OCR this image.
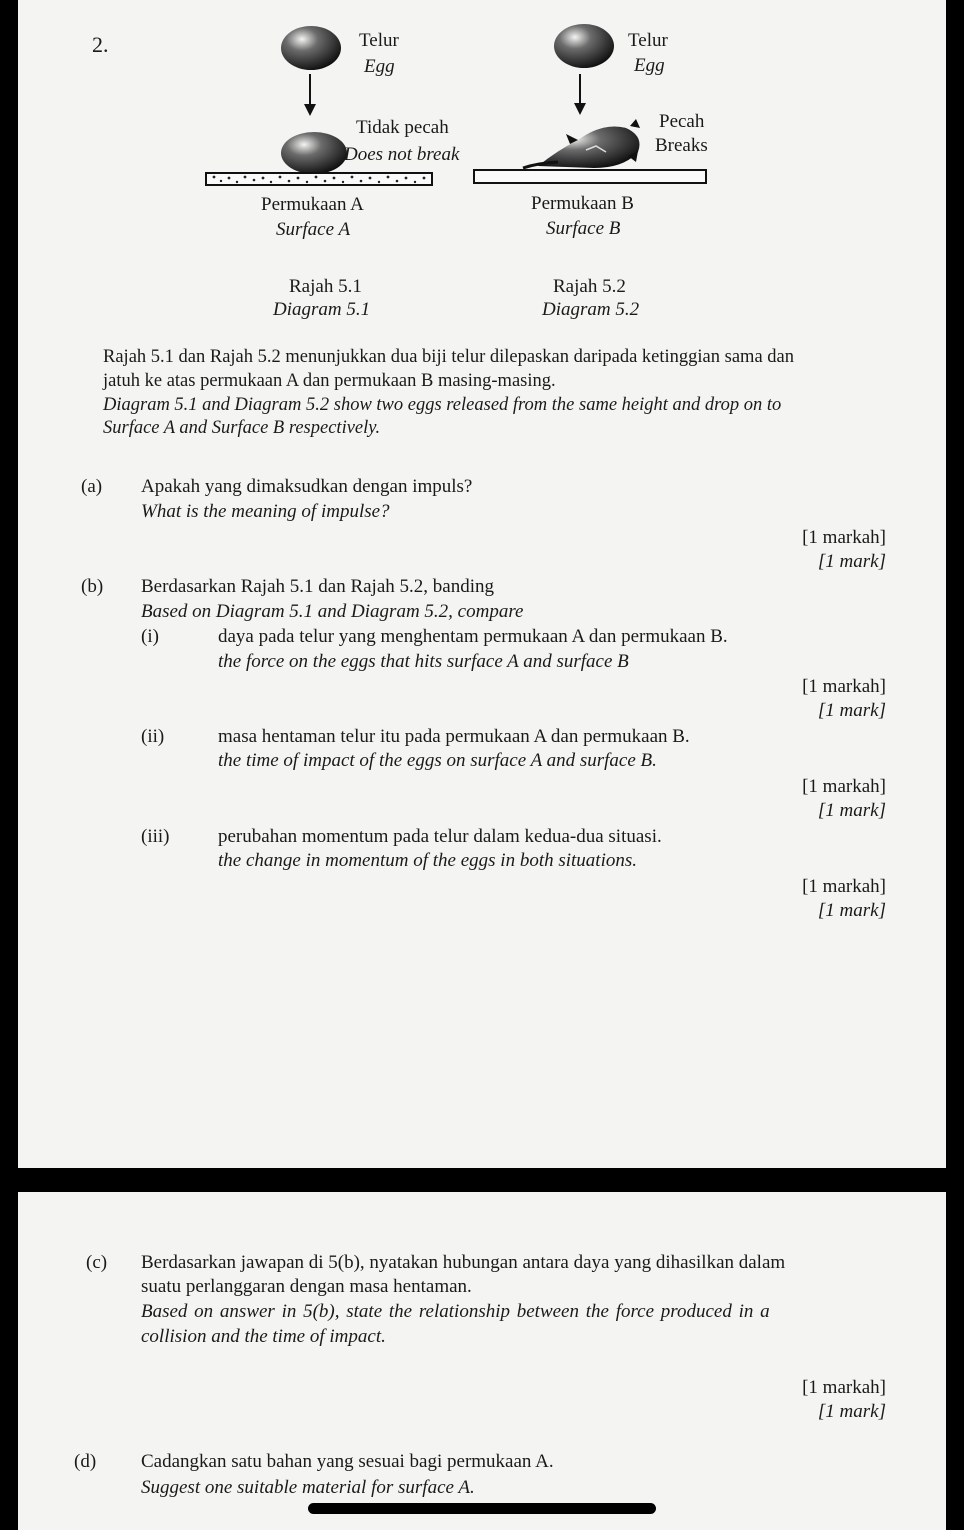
2.	Telur
Egg
Telur
Egg
Tidak pecah
Does not break
Pecah
Breaks
Permukaan A
Surface A
Permukaan B
Surface B
Rajah 5.1
Diagram 5.1
Rajah 5.2
Diagram 5.2
Rajah 5.1 dan Rajah 5.2 menunjukkan dua biji telur dilepaskan daripada ketinggian sama dan
jatuh ke atas permukaan A dan permukaan B masing-masing.
Diagram 5.1 and Diagram 5.2 show two eggs released from the same height and drop on to
Surface A and Surface B respectively.
(a) Apakah yang dimaksudkan dengan impuls?
What is the meaning of impulse?
[1 markah]
[1 mark]
(b) Berdasarkan Rajah 5.1 dan Rajah 5.2, banding
Based on Diagram 5.1 and Diagram 5.2, compare
(i)	daya pada telur yang menghentam permukaan A dan permukaan B.
the force on the eggs that hits surface A and surface B
[1 markah]
[1 mark]
(ii)	masa hentaman telur itu pada permukaan A dan permukaan B.
the time of impact of the eggs on surface A and surface B.
[1 markah]
[1 mark]
(iii)	perubahan momentum pada telur dalam kedua-dua situasi.
the change in momentum of the eggs in both situations.
[1 markah]
[1 mark]
(c) Berdasarkan jawapan di 5(b), nyatakan hubungan antara daya yang dihasilkan dalam
suatu perlanggaran dengan masa hentaman.
Based on answer in 5(b), state the relationship between the force produced in a
collision and the time of impact.
[1 markah]
[1 mark]
(d) Cadangkan satu bahan yang sesuai bagi permukaan A.
Suggest one suitable material for surface A.
